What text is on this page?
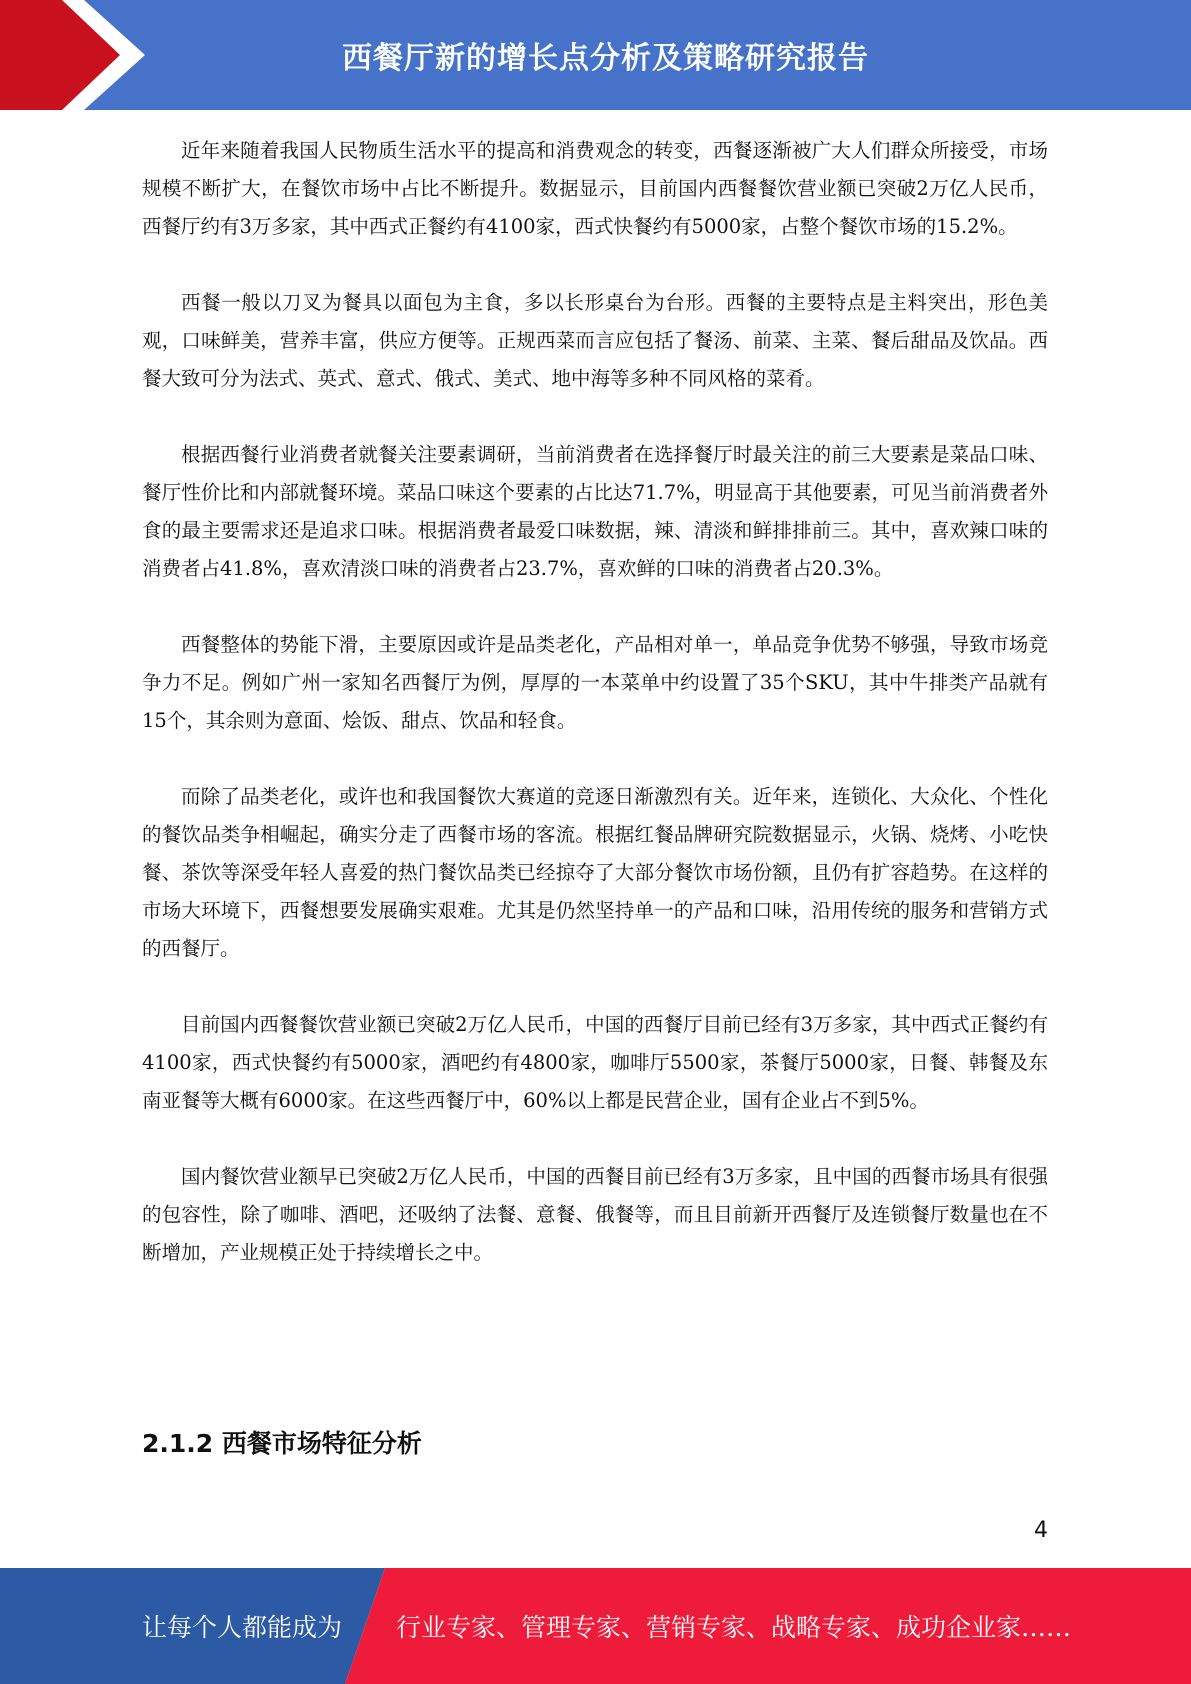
西餐厅新的增长点分析及策略研究报告

近年来随着我国人民物质生活水平的提高和消费观念的转变，西餐逐渐被广大人们群众所接受，市场规模不断扩大，在餐饮市场中占比不断提升。数据显示，目前国内西餐餐饮营业额已突破2万亿人民币，西餐厅约有3万多家，其中西式正餐约有4100家，西式快餐约有5000家，占整个餐饮市场的15.2%。

西餐一般以刀叉为餐具以面包为主食，多以长形桌台为台形。西餐的主要特点是主料突出，形色美观，口味鲜美，营养丰富，供应方便等。正规西菜而言应包括了餐汤、前菜、主菜、餐后甜品及饮品。西餐大致可分为法式、英式、意式、俄式、美式、地中海等多种不同风格的菜肴。

根据西餐行业消费者就餐关注要素调研，当前消费者在选择餐厅时最关注的前三大要素是菜品口味、餐厅性价比和内部就餐环境。菜品口味这个要素的占比达71.7%，明显高于其他要素，可见当前消费者外食的最主要需求还是追求口味。根据消费者最爱口味数据，辣、清淡和鲜排排前三。其中，喜欢辣口味的消费者占41.8%，喜欢清淡口味的消费者占23.7%，喜欢鲜的口味的消费者占20.3%。

西餐整体的势能下滑，主要原因或许是品类老化，产品相对单一，单品竞争优势不够强，导致市场竞争力不足。例如广州一家知名西餐厅为例，厚厚的一本菜单中约设置了35个SKU，其中牛排类产品就有15个，其余则为意面、烩饭、甜点、饮品和轻食。

而除了品类老化，或许也和我国餐饮大赛道的竞逐日渐激烈有关。近年来，连锁化、大众化、个性化的餐饮品类争相崛起，确实分走了西餐市场的客流。根据红餐品牌研究院数据显示，火锅、烧烤、小吃快餐、茶饮等深受年轻人喜爱的热门餐饮品类已经掠夺了大部分餐饮市场份额，且仍有扩容趋势。在这样的市场大环境下，西餐想要发展确实艰难。尤其是仍然坚持单一的产品和口味，沿用传统的服务和营销方式的西餐厅。

目前国内西餐餐饮营业额已突破2万亿人民币，中国的西餐厅目前已经有3万多家，其中西式正餐约有4100家，西式快餐约有5000家，酒吧约有4800家，咖啡厅5500家，茶餐厅5000家，日餐、韩餐及东南亚餐等大概有6000家。在这些西餐厅中，60%以上都是民营企业，国有企业占不到5%。

国内餐饮营业额早已突破2万亿人民币，中国的西餐目前已经有3万多家，且中国的西餐市场具有很强的包容性，除了咖啡、酒吧，还吸纳了法餐、意餐、俄餐等，而且目前新开西餐厅及连锁餐厅数量也在不断增加，产业规模正处于持续增长之中。

2.1.2 西餐市场特征分析
4
让每个人都能成为 行业专家、管理专家、营销专家、战略专家、成功企业家……
